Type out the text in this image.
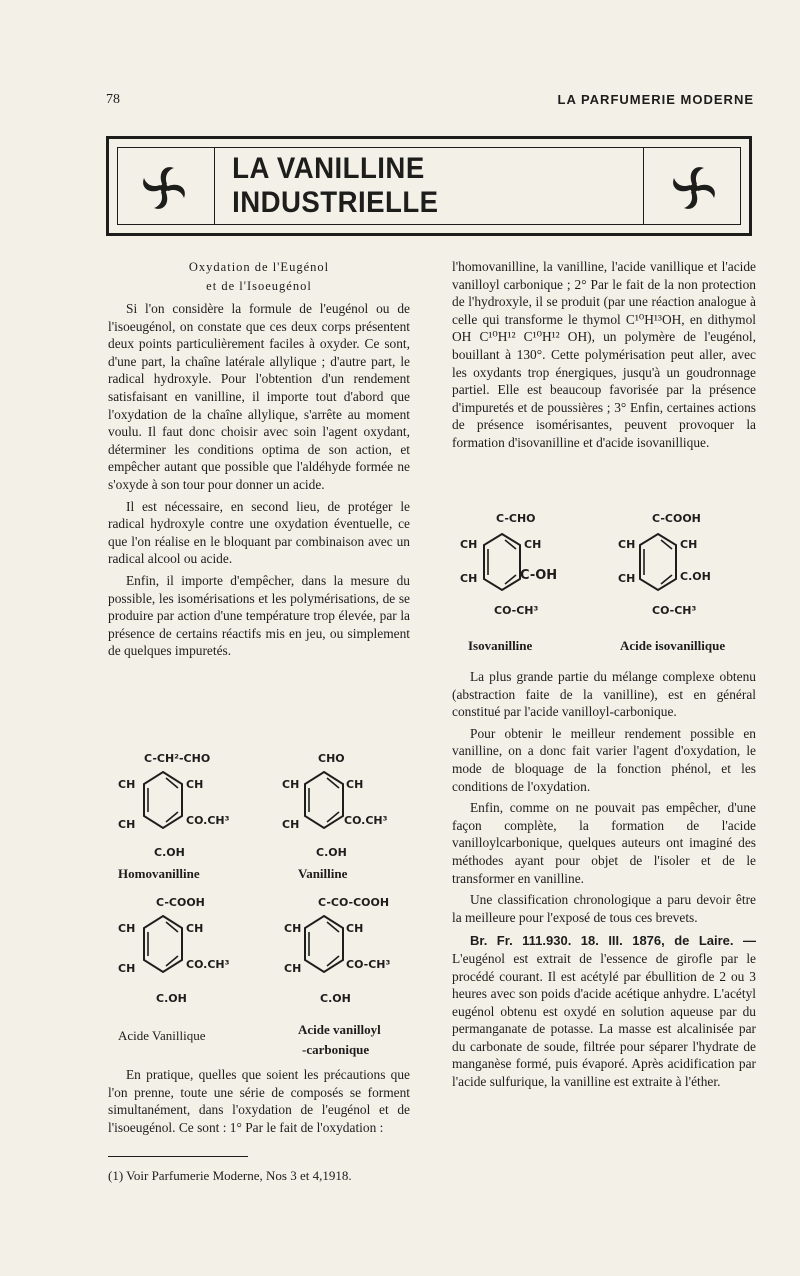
78	LA PARFUMERIE MODERNE
LA VANILLINE INDUSTRIELLE
Oxydation de l'Eugénol
et de l'Isoeugénol

Si l'on considère la formule de l'eugénol ou de l'isoeugénol, on constate que ces deux corps présentent deux points particulièrement faciles à oxyder. Ce sont, d'une part, la chaîne latérale allylique ; d'autre part, le radical hydroxyle. Pour l'obtention d'un rendement satisfaisant en vanilline, il importe tout d'abord que l'oxydation de la chaîne allylique, s'arrête au moment voulu. Il faut donc choisir avec soin l'agent oxydant, déterminer les conditions optima de son action, et empêcher autant que possible que l'aldéhyde formée ne s'oxyde à son tour pour donner un acide.

Il est nécessaire, en second lieu, de protéger le radical hydroxyle contre une oxydation éventuelle, ce que l'on réalise en le bloquant par combinaison avec un radical alcool ou acide.

Enfin, il importe d'empêcher, dans la mesure du possible, les isomérisations et les polymérisations, de se produire par action d'une température trop élevée, par la présence de certains réactifs mis en jeu, ou simplement de quelques impuretés.

En pratique, quelles que soient les précautions que l'on prenne, toute une série de composés se forment simultanément, dans l'oxydation de l'eugénol et de l'isoeugénol. Ce sont : 1° Par le fait de l'oxydation :

(1) Voir Parfumerie Moderne, Nos 3 et 4,1918.

l'homovanilline, la vanilline, l'acide vanillique et l'acide vanilloyl carbonique ; 2° Par le fait de la non protection de l'hydroxyle, il se produit (par une réaction analogue à celle qui transforme le thymol C¹⁰H¹³OH, en dithymol OH C¹⁰H¹² C¹⁰H¹² OH), un polymère de l'eugénol, bouillant à 130°. Cette polymérisation peut aller, avec les oxydants trop énergiques, jusqu'à un goudronnage partiel. Elle est beaucoup favorisée par la présence d'impuretés et de poussières ; 3° Enfin, certaines actions de présence isomérisantes, peuvent provoquer la formation d'isovanilline et d'acide isovanillique.

La plus grande partie du mélange complexe obtenu (abstraction faite de la vanilline), est en général constitué par l'acide vanilloyl-carbonique.

Pour obtenir le meilleur rendement possible en vanilline, on a donc fait varier l'agent d'oxydation, le mode de bloquage de la fonction phénol, et les conditions de l'oxydation.

Enfin, comme on ne pouvait pas empêcher, d'une façon complète, la formation de l'acide vanilloylcarbonique, quelques auteurs ont imaginé des méthodes ayant pour objet de l'isoler et de le transformer en vanilline.

Une classification chronologique a paru devoir être la meilleure pour l'exposé de tous ces brevets.

Br. Fr. 111.930. 18. III. 1876, de Laire. — L'eugénol est extrait de l'essence de girofle par le procédé courant. Il est acétylé par ébullition de 2 ou 3 heures avec son poids d'acide acétique anhydre. L'acétyl eugénol obtenu est oxydé en solution aqueuse par du permanganate de potasse. La masse est alcalinisée par du carbonate de soude, filtrée pour séparer l'hydrate de manganèse formé, puis évaporé. Après acidification par l'acide sulfurique, la vanilline est extraite à l'éther.

C-CH²-CHO
CH
CH
CH
CO.CH³
C.OH
Homovanilline
CHO
CH
CH
CH
CO.CH³
C.OH
Vanilline
C-COOH
CH
CH
CH
CO.CH³
C.OH
Acide Vanillique
C-CO-COOH
CH
CH
CH
CO-CH³
C.OH
Acide vanilloyl
-carbonique
C-CHO
CH
CH
CH
C-OH
CO-CH³
Isovanilline
C-COOH
CH
CH
CH
C.OH
CO-CH³
Acide isovanillique
